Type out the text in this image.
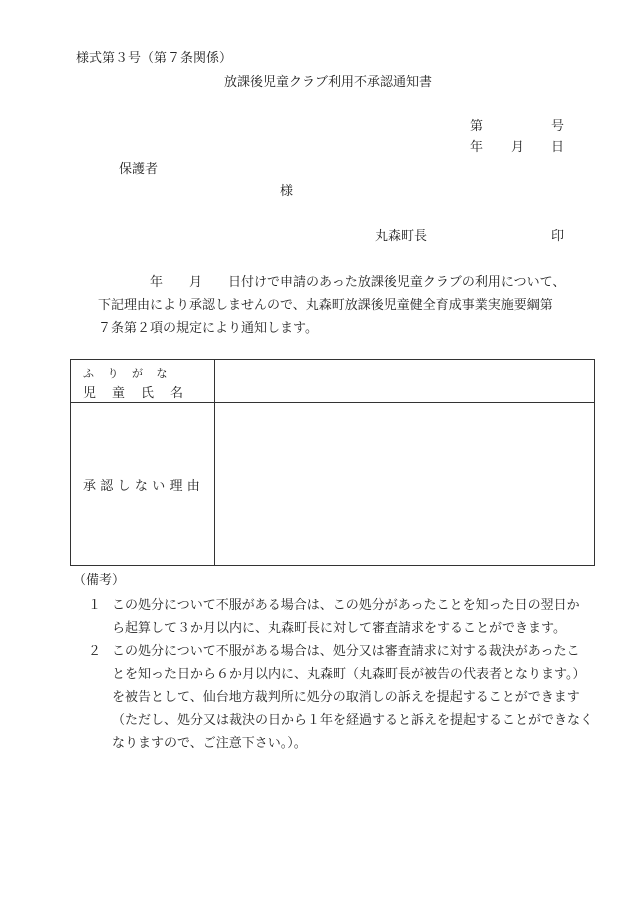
様式第３号（第７条関係）
放課後児童クラブ利用不承認通知書
第	号
年 月 日
保護者
様
丸森町長	印
年　　月　　日付けで申請のあった放課後児童クラブの利用について、
下記理由により承認しませんので、丸森町放課後児童健全育成事業実施要綱第
７条第２項の規定により通知します。
ふりがな
児童氏名
承認しない理由
（備考）
１ この処分について不服がある場合は、この処分があったことを知った日の翌日か
ら起算して３か月以内に、丸森町長に対して審査請求をすることができます。
２ この処分について不服がある場合は、処分又は審査請求に対する裁決があったこ
とを知った日から６か月以内に、丸森町（丸森町長が被告の代表者となります。）
を被告として、仙台地方裁判所に処分の取消しの訴えを提起することができます
（ただし、処分又は裁決の日から１年を経過すると訴えを提起することができなく
なりますので、ご注意下さい。）。
